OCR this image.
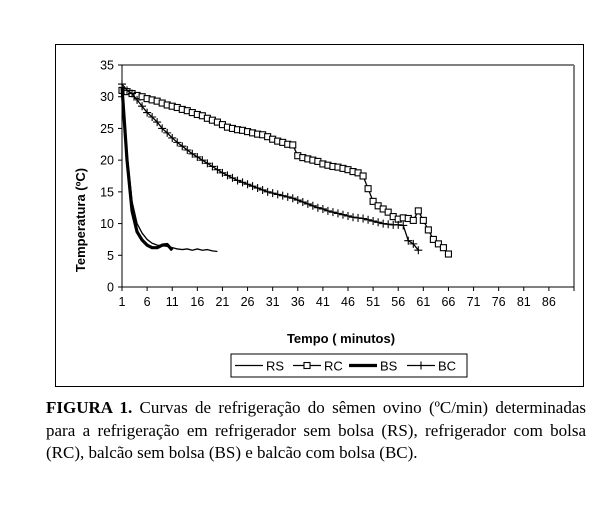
0
5
10
15
20
25
30
35
1 6 11 16 21 26 31 36 41 46 51 56 61 66 71 76 81 86
Temperatura (ºC)
Tempo ( minutos)
RS	RC	BS	BC
FIGURA 1. Curvas de refrigeração do sêmen ovino (ºC/min) determinadas para a refrigeração em refrigerador sem bolsa (RS), refrigerador com bolsa (RC), balcão sem bolsa (BS) e balcão com bolsa (BC).
